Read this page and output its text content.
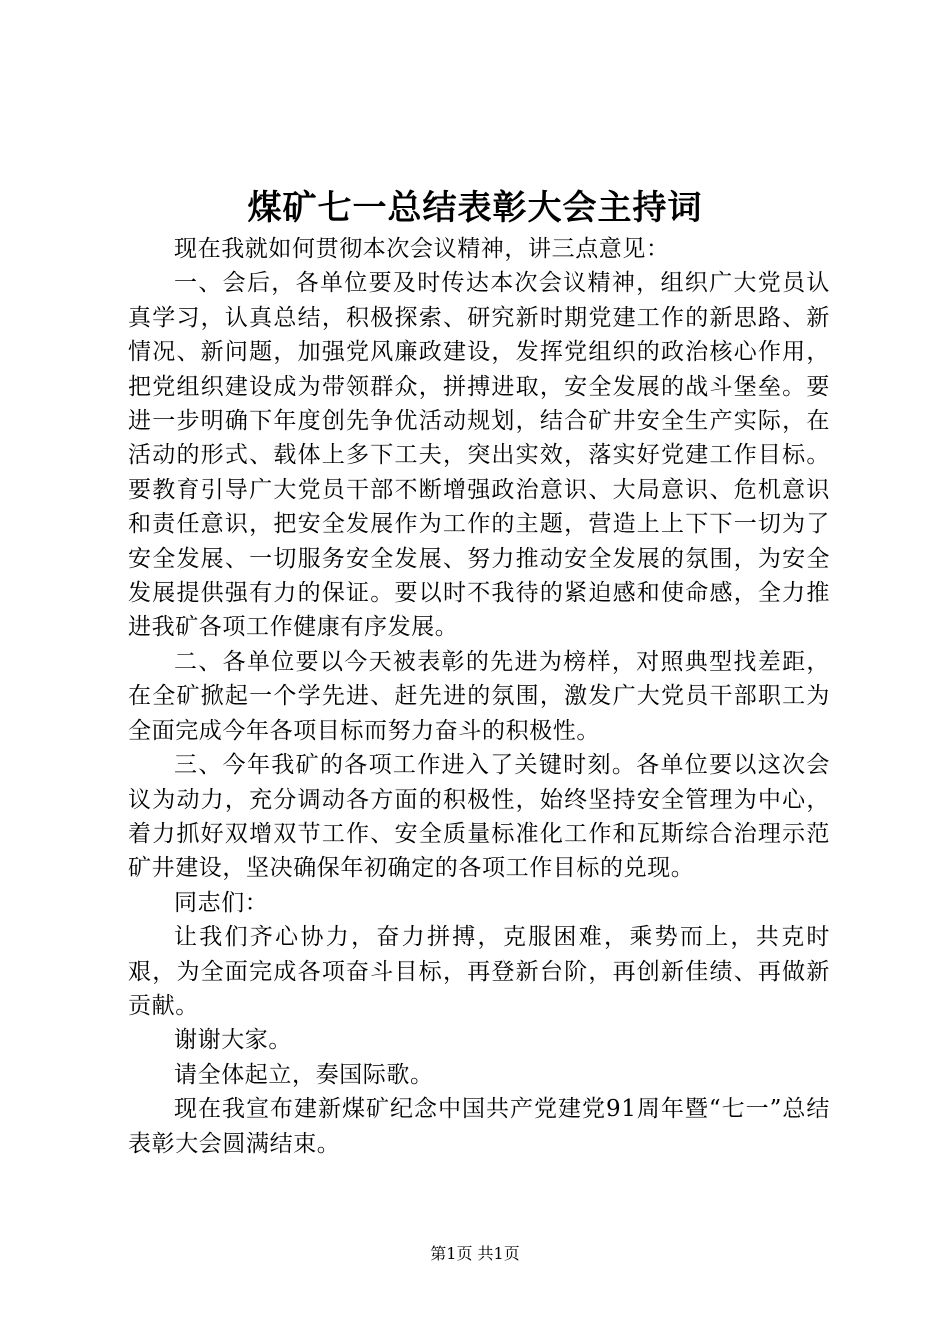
煤矿七一总结表彰大会主持词

现在我就如何贯彻本次会议精神，讲三点意见：

一、会后，各单位要及时传达本次会议精神，组织广大党员认真学习，认真总结，积极探索、研究新时期党建工作的新思路、新情况、新问题，加强党风廉政建设，发挥党组织的政治核心作用，把党组织建设成为带领群众，拼搏进取，安全发展的战斗堡垒。要进一步明确下年度创先争优活动规划，结合矿井安全生产实际，在活动的形式、载体上多下工夫，突出实效，落实好党建工作目标。要教育引导广大党员干部不断增强政治意识、大局意识、危机意识和责任意识，把安全发展作为工作的主题，营造上上下下一切为了安全发展、一切服务安全发展、努力推动安全发展的氛围，为安全发展提供强有力的保证。要以时不我待的紧迫感和使命感，全力推进我矿各项工作健康有序发展。

二、各单位要以今天被表彰的先进为榜样，对照典型找差距，在全矿掀起一个学先进、赶先进的氛围，激发广大党员干部职工为全面完成今年各项目标而努力奋斗的积极性。

三、今年我矿的各项工作进入了关键时刻。各单位要以这次会议为动力，充分调动各方面的积极性，始终坚持安全管理为中心，着力抓好双增双节工作、安全质量标准化工作和瓦斯综合治理示范矿井建设，坚决确保年初确定的各项工作目标的兑现。

同志们：

让我们齐心协力，奋力拼搏，克服困难，乘势而上，共克时艰，为全面完成各项奋斗目标，再登新台阶，再创新佳绩、再做新贡献。

谢谢大家。

请全体起立，奏国际歌。

现在我宣布建新煤矿纪念中国共产党建党91周年暨“七一”总结表彰大会圆满结束。

第1页 共1页
